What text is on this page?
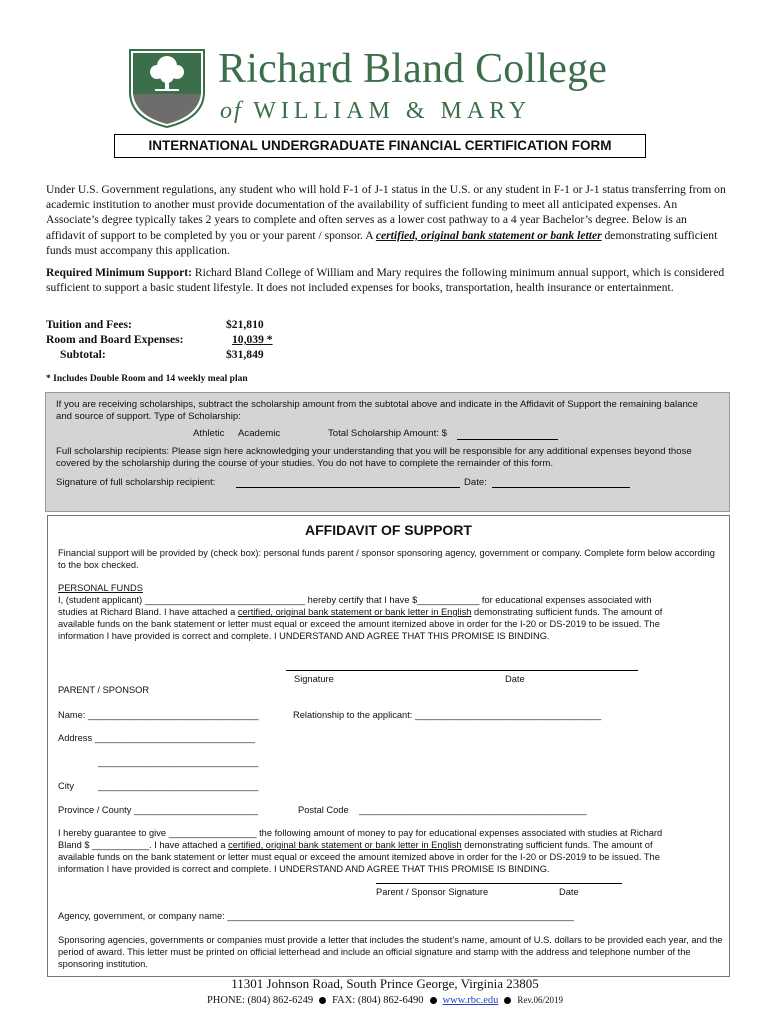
Richard Bland College
of WILLIAM & MARY
INTERNATIONAL UNDERGRADUATE FINANCIAL CERTIFICATION FORM
Under U.S. Government regulations, any student who will hold F-1 of J-1 status in the U.S. or any student in F-1 or J-1 status transferring from on academic institution to another must provide documentation of the availability of sufficient funding to meet all anticipated expenses. An Associate’s degree typically takes 2 years to complete and often serves as a lower cost pathway to a 4 year Bachelor’s degree. Below is an affidavit of support to be completed by you or your parent / sponsor. A certified, original bank statement or bank letter demonstrating sufficient funds must accompany this application.
Required Minimum Support: Richard Bland College of William and Mary requires the following minimum annual support, which is considered sufficient to support a basic student lifestyle. It does not included expenses for books, transportation, health insurance or entertainment.
Tuition and Fees:	$21,810
Room and Board Expenses:	10,039 *
Subtotal:	$31,849
* Includes Double Room and 14 weekly meal plan
If you are receiving scholarships, subtract the scholarship amount from the subtotal above and indicate in the Affidavit of Support the remaining balance and source of support. Type of Scholarship:
Athletic Academic	Total Scholarship Amount: $
Full scholarship recipients: Please sign here acknowledging your understanding that you will be responsible for any additional expenses beyond those covered by the scholarship during the course of your studies. You do not have to complete the remainder of this form.
Signature of full scholarship recipient:	Date:
AFFIDAVIT OF SUPPORT
Financial support will be provided by (check box): personal funds parent / sponsor sponsoring agency, government or company. Complete form below according to the box checked.
PERSONAL FUNDS
I, (student applicant) _______________________________ hereby certify that I have $____________ for educational expenses associated with
studies at Richard Bland. I have attached a certified, original bank statement or bank letter in English demonstrating sufficient funds. The amount of
available funds on the bank statement or letter must equal or exceed the amount itemized above in order for the I-20 or DS-2019 to be issued. The
information I have provided is correct and complete. I UNDERSTAND AND AGREE THAT THIS PROMISE IS BINDING.
Signature	Date
PARENT / SPONSOR
Name: _________________________________	Relationship to the applicant: ____________________________________
Address _______________________________
_______________________________
City	_______________________________
Province / County ________________________	Postal Code ____________________________________________
I hereby guarantee to give _________________ the following amount of money to pay for educational expenses associated with studies at Richard
Bland $ ___________. I have attached a certified, original bank statement or bank letter in English demonstrating sufficient funds. The amount of
available funds on the bank statement or letter must equal or exceed the amount itemized above in order for the I-20 or DS-2019 to be issued. The
information I have provided is correct and complete. I UNDERSTAND AND AGREE THAT THIS PROMISE IS BINDING.
Parent / Sponsor Signature	Date
Agency, government, or company name: ___________________________________________________________________
Sponsoring agencies, governments or companies must provide a letter that includes the student’s name, amount of U.S. dollars to be provided each year, and the period of award. This letter must be printed on official letterhead and include an official signature and stamp with the address and telephone number of the sponsoring institution.
11301 Johnson Road, South Prince George, Virginia 23805
PHONE: (804) 862-6249 FAX: (804) 862-6490 www.rbc.edu Rev.06/2019
